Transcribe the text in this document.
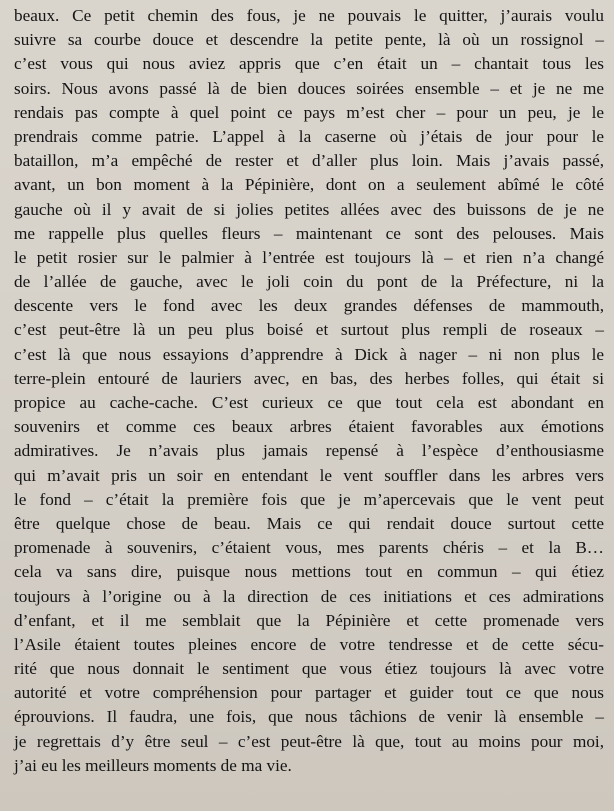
beaux. Ce petit chemin des fous, je ne pouvais le quitter, j’aurais voulu
suivre sa courbe douce et descendre la petite pente, là où un rossignol –
c’est vous qui nous aviez appris que c’en était un – chantait tous les
soirs. Nous avons passé là de bien douces soirées ensemble – et je ne me
rendais pas compte à quel point ce pays m’est cher – pour un peu, je le
prendrais comme patrie. L’appel à la caserne où j’étais de jour pour le
bataillon, m’a empêché de rester et d’aller plus loin. Mais j’avais passé,
avant, un bon moment à la Pépinière, dont on a seulement abîmé le côté
gauche où il y avait de si jolies petites allées avec des buissons de je ne
me rappelle plus quelles fleurs – maintenant ce sont des pelouses. Mais
le petit rosier sur le palmier à l’entrée est toujours là – et rien n’a changé
de l’allée de gauche, avec le joli coin du pont de la Préfecture, ni la
descente vers le fond avec les deux grandes défenses de mammouth,
c’est peut-être là un peu plus boisé et surtout plus rempli de roseaux –
c’est là que nous essayions d’apprendre à Dick à nager – ni non plus le
terre-plein entouré de lauriers avec, en bas, des herbes folles, qui était si
propice au cache-cache. C’est curieux ce que tout cela est abondant en
souvenirs et comme ces beaux arbres étaient favorables aux émotions
admiratives. Je n’avais plus jamais repensé à l’espèce d’enthousiasme
qui m’avait pris un soir en entendant le vent souffler dans les arbres vers
le fond – c’était la première fois que je m’apercevais que le vent peut
être quelque chose de beau. Mais ce qui rendait douce surtout cette
promenade à souvenirs, c’étaient vous, mes parents chéris – et la B…
cela va sans dire, puisque nous mettions tout en commun – qui étiez
toujours à l’origine ou à la direction de ces initiations et ces admirations
d’enfant, et il me semblait que la Pépinière et cette promenade vers
l’Asile étaient toutes pleines encore de votre tendresse et de cette sécu-
rité que nous donnait le sentiment que vous étiez toujours là avec votre
autorité et votre compréhension pour partager et guider tout ce que nous
éprouvions. Il faudra, une fois, que nous tâchions de venir là ensemble –
je regrettais d’y être seul – c’est peut-être là que, tout au moins pour moi,
j’ai eu les meilleurs moments de ma vie.
